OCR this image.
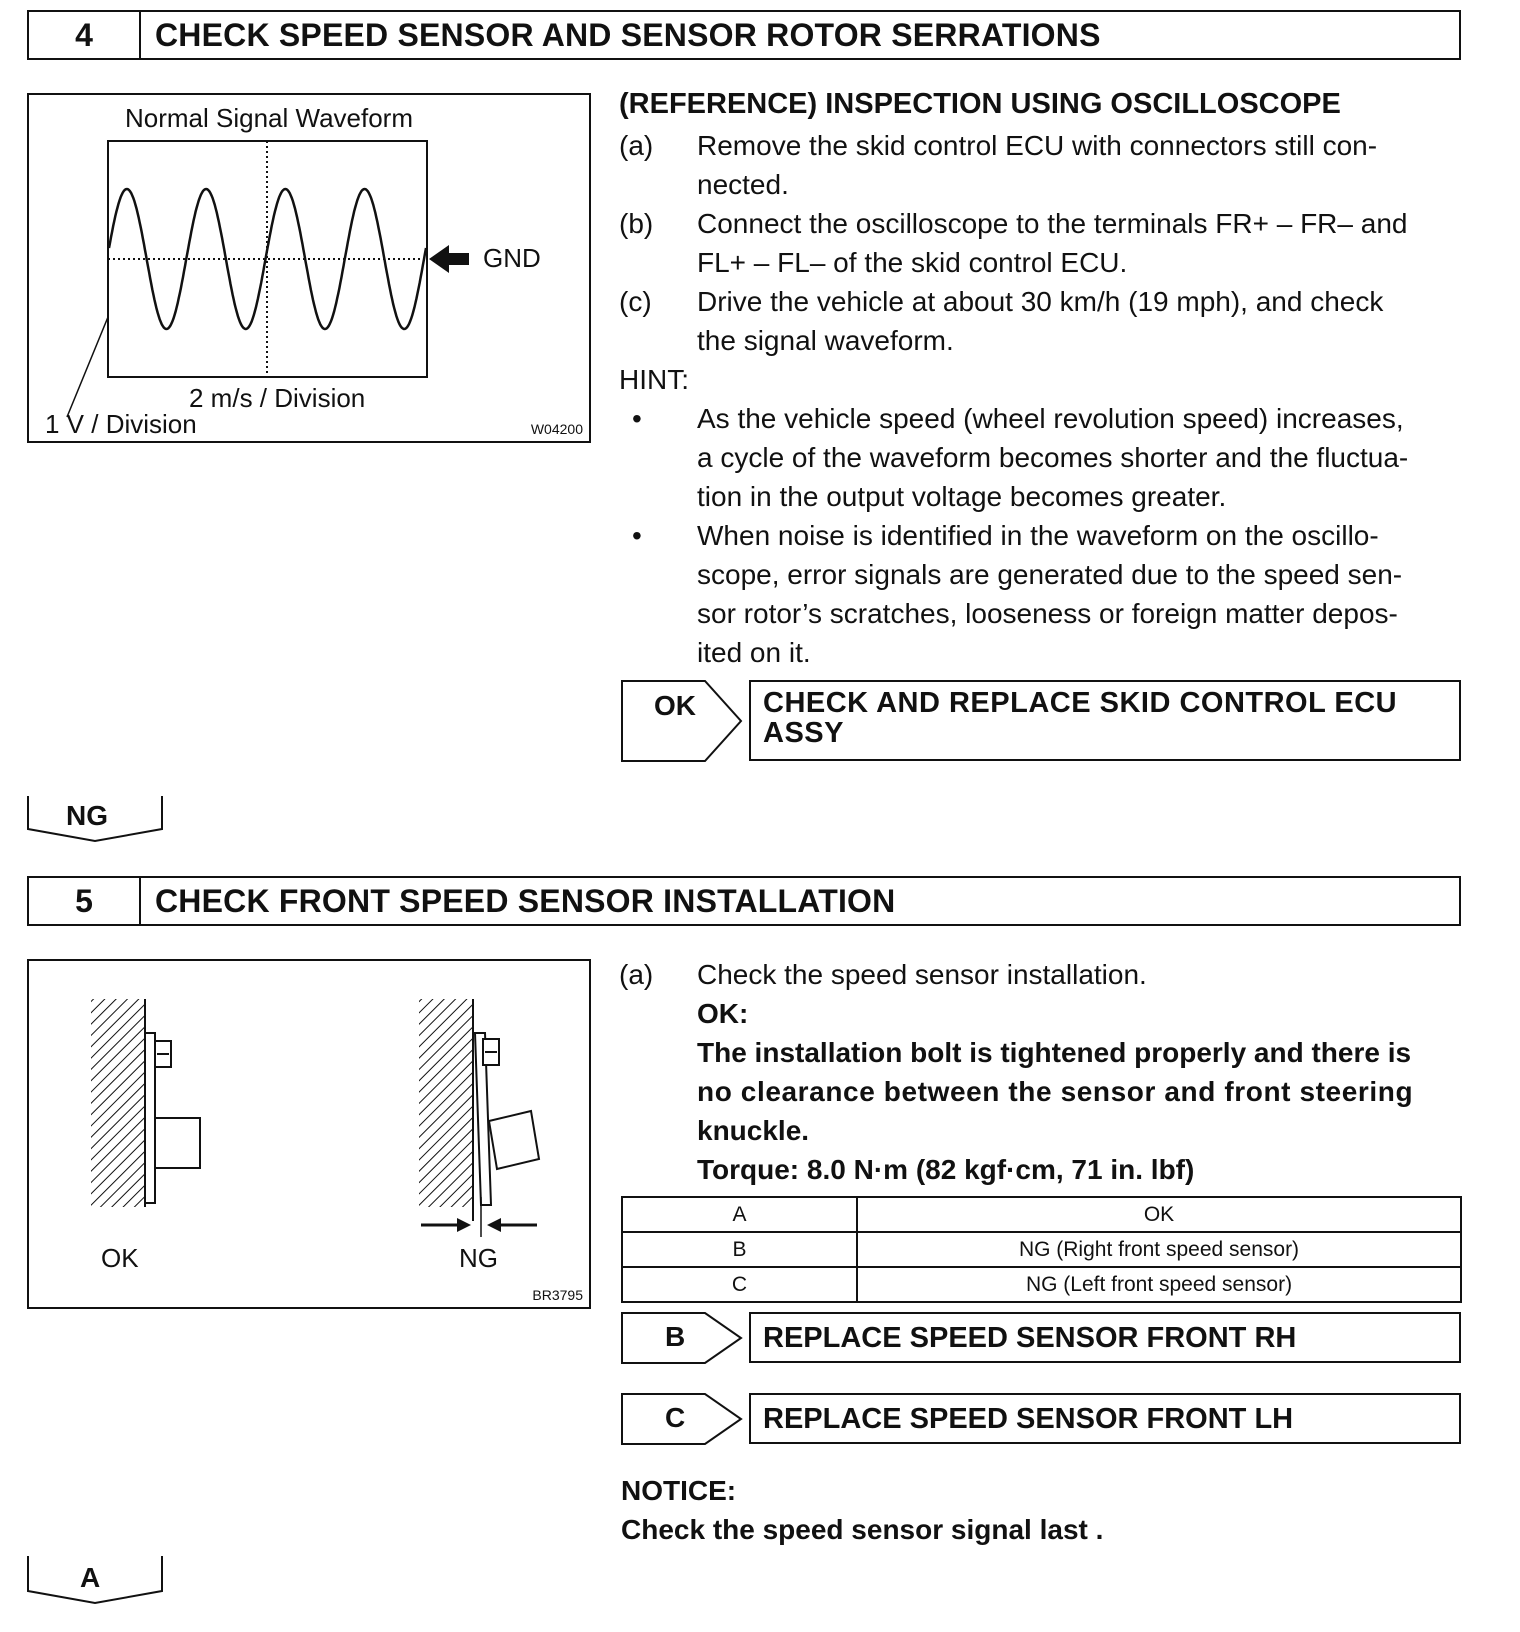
4	CHECK SPEED SENSOR AND SENSOR ROTOR SERRATIONS
Normal Signal Waveform
GND
2 m/s / Division
1 V / Division	W04200
(REFERENCE) INSPECTION USING OSCILLOSCOPE
(a) Remove the skid control ECU with connectors still con-
nected.
(b) Connect the oscilloscope to the terminals FR+ – FR– and
FL+ – FL– of the skid control ECU.
(c) Drive the vehicle at about 30 km/h (19 mph), and check
the signal waveform.
HINT:
• As the vehicle speed (wheel revolution speed) increases,
a cycle of the waveform becomes shorter and the fluctua-
tion in the output voltage becomes greater.
• When noise is identified in the waveform on the oscillo-
scope, error signals are generated due to the speed sen-
sor rotor’s scratches, looseness or foreign matter depos-
ited on it.
OK CHECK AND REPLACE SKID CONTROL ECU
ASSY
NG
5	CHECK FRONT SPEED SENSOR INSTALLATION
OK	NG
BR3795
(a) Check the speed sensor installation.
OK:
The installation bolt is tightened properly and there is
no clearance between the sensor and front steering
knuckle.
Torque: 8.0 N·m (82 kgf·cm, 71 in. lbf)
A	OK
B	NG (Right front speed sensor)
C	NG (Left front speed sensor)
B	REPLACE SPEED SENSOR FRONT RH
C	REPLACE SPEED SENSOR FRONT LH
NOTICE:
Check the speed sensor signal last .
A
